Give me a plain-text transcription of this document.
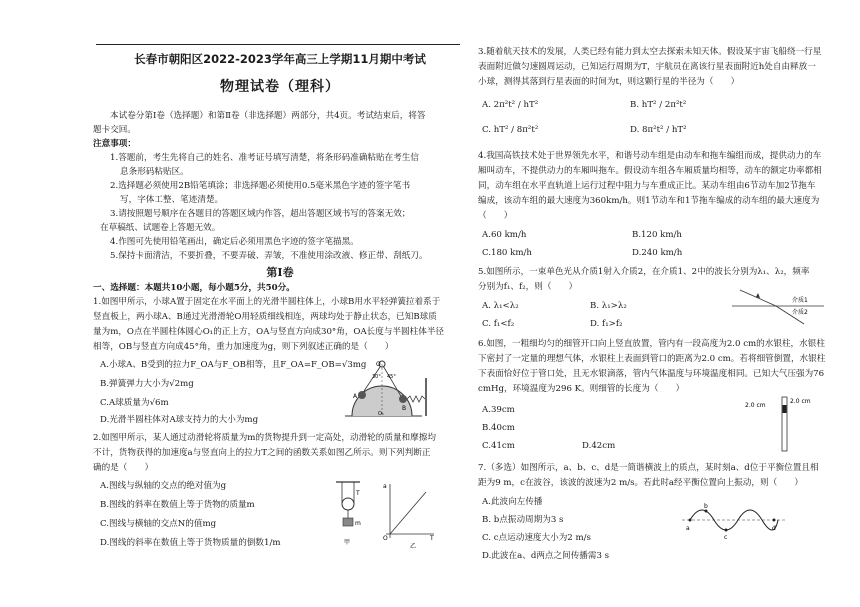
长春市朝阳区2022-2023学年高三上学期11月期中考试
物理试卷（理科）
本试卷分第Ⅰ卷（选择题）和第Ⅱ卷（非选择题）两部分，共4页。考试结束后，将答
题卡交回。
注意事项：
1.答题前，考生先将自己的姓名、准考证号填写清楚，将条形码准确粘贴在考生信
息条形码粘贴区。
2.选择题必须使用2B铅笔填涂；非选择题必须使用0.5毫米黑色字迹的签字笔书
写，字体工整、笔迹清楚。
3.请按照题号顺序在各题目的答题区域内作答，超出答题区域书写的答案无效；
在草稿纸、试题卷上答题无效。
4.作图可先使用铅笔画出，确定后必须用黑色字迹的签字笔描黑。
5.保持卡面清洁，不要折叠，不要弄破、弄皱，不准使用涂改液、修正带、刮纸刀。
第Ⅰ卷
一、选择题：本题共10小题，每小题5分，共50分。
1.如图甲所示，小球A置于固定在水平面上的光滑半圆柱体上，小球B用水平轻弹簧拉着系于
竖直板上，两小球A、B通过光滑滑轮O用轻质细线相连，两球均处于静止状态，已知B球质
量为m，O点在半圆柱体圆心O₁的正上方，OA与竖直方向成30°角，OA长度与半圆柱体半径
相等，OB与竖直方向成45°角，重力加速度为g，则下列叙述正确的是（　　）
A.小球A、B受到的拉力F_OA与F_OB相等，且F_OA=F_OB=√3mg
B.弹簧弹力大小为√2mg
C.A球质量为√6m
D.光滑半圆柱体对A球支持力的大小为mg
O
A
B
O₁
30° 45°
2.如图甲所示，某人通过动滑轮将质量为m的货物提升到一定高处，动滑轮的质量和摩擦均
不计，货物获得的加速度a与竖直向上的拉力T之间的函数关系如图乙所示。则下列判断正
确的是（　　）
A.图线与纵轴的交点的绝对值为g
B.图线的斜率在数值上等于货物的质量m
C.图线与横轴的交点N的值mg
D.图线的斜率在数值上等于货物质量的倒数1/m
T
m
甲
a
O	T
乙
3.随着航天技术的发展，人类已经有能力到太空去探索未知天体。假设某宇宙飞船绕一行星
表面附近做匀速圆周运动，已知运行周期为T，宇航员在离该行星表面附近h处自由释放一
小球，测得其落到行星表面的时间为t，则这颗行星的半径为（　　）
A. 2π²t² / hT²	B. hT² / 2π²t²
C. hT² / 8π²t²	D. 8π²t² / hT²
4.我国高铁技术处于世界领先水平，和谐号动车组是由动车和拖车编组而成，提供动力的车
厢叫动车，不提供动力的车厢叫拖车。假设动车组各车厢质量均相等，动车的额定功率都相
同，动车组在水平直轨道上运行过程中阻力与车重成正比。某动车组由6节动车加2节拖车
编成，该动车组的最大速度为360km/h。则1节动车和1节拖车编成的动车组的最大速度为
（　　）
A.60 km/h	B.120 km/h
C.180 km/h	D.240 km/h
5.如图所示，一束单色光从介质1射入介质2，在介质1、2中的波长分别为λ₁、λ₂，频率
分别为f₁、f₂，则（　　）
A. λ₁<λ₂	B. λ₁>λ₂
C. f₁<f₂	D. f₁>f₂
介质1
介质2
6.如图，一粗细均匀的细管开口向上竖直放置，管内有一段高度为2.0 cm的水银柱，水银柱
下密封了一定量的理想气体，水银柱上表面到管口的距离为2.0 cm。若将细管倒置，水银柱
下表面恰好位于管口处，且无水银滴落，管内气体温度与环境温度相同。已知大气压强为76
cmHg，环境温度为296 K。则细管的长度为（　　）
A.39cm
B.40cm
C.41cm	D.42cm
2.0 cm
2.0 cm
7.（多选）如图所示，a、b、c、d是一简谐横波上的质点，某时刻a、d位于平衡位置且相
距为9 m，c在波谷，该波的波速为2 m/s。若此时a经平衡位置向上振动，则（　　）
A.此波向左传播
B. b点振动周期为3 s
C. c点运动速度大小为2 m/s
D.此波在a、d两点之间传播需3 s
a
b
c
d
